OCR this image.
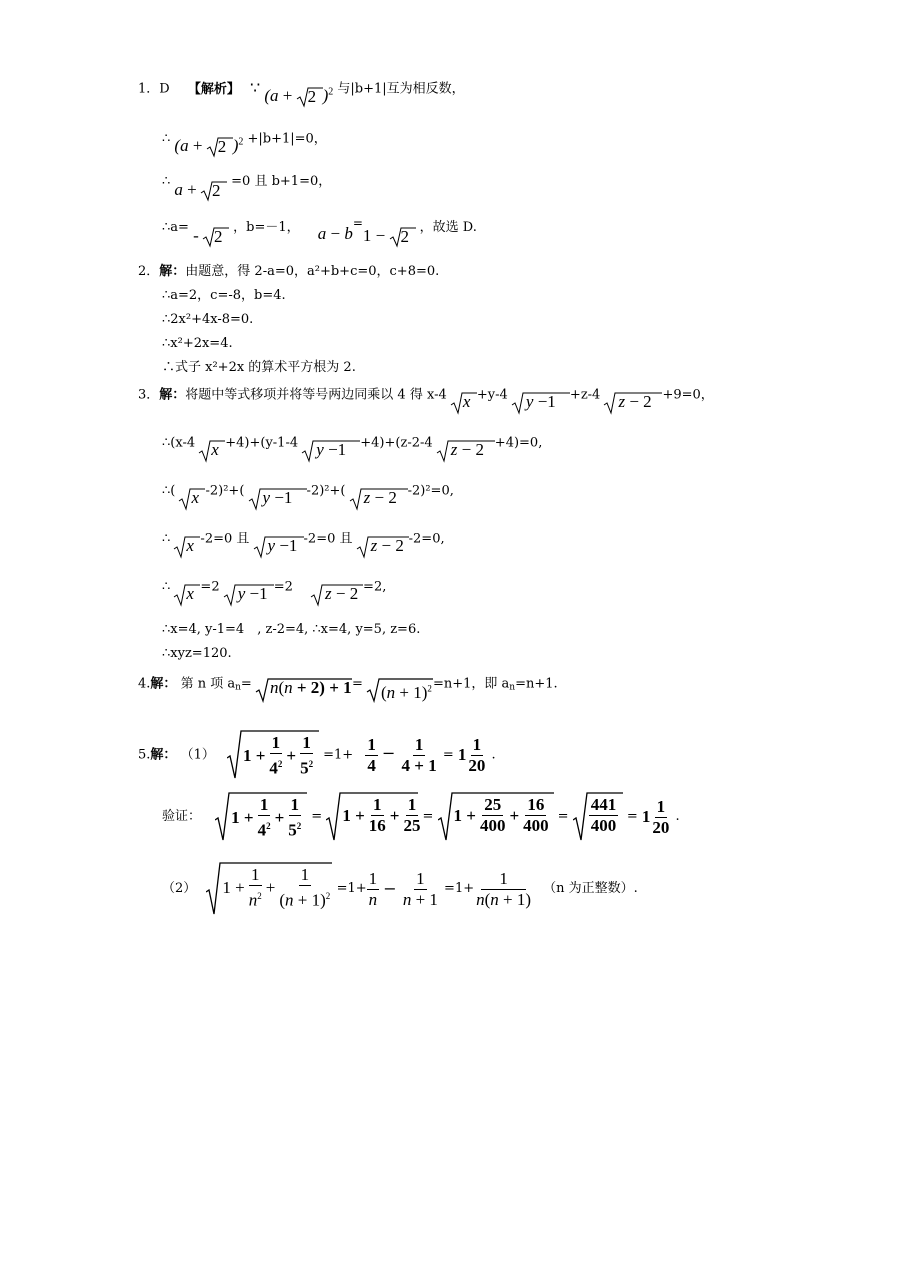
1．D 【解析】 ∵ (a + 2 )$^2$ 与|b+1|互为相反数，
∴ (a + 2 )$^2$ +|b+1|=0，
∴ a + 2 =0 且 b+1=0，
∴a= - 2 ，b=－1， a − b=1 −
2 ，故选 D.
2．解：由题意，得 2-a=0，a²+b+c=0，c+8=0.
∴a=2，c=-8，b=4.
∴2x²+4x-8=0.
∴x²+2x=4.
∴式子 x²+2x 的算术平方根为 2.
3．解：将题中等式移项并将等号两边同乘以 4 得 x-4 x +y-4 y −1 +z-4 z − 2 +9=0，
∴(x-4 x +4)+(y-1-4 y −1 +4)+(z-2-4 z − 2 +4)=0,
∴( x -2)²+( y −1 -2)²+( z − 2 -2)²=0,
∴ x -2=0 且 y −1 -2=0 且 z − 2 -2=0,
∴ x =2 y −1 =2 z − 2 =2,
∴x=4, y-1=4　, z-2=4, ∴x=4, y=5, z=6.
∴xyz=120.
4.解： 第 n 项 $a_n= n(n + 2) + 1= (n + 1)^2=n+1$，即 $a_n=n+1$.
5.解： （1） $1 + \frac{1}{4^2} + \frac{1}{5^2} =1+ \frac{1}{4} - \frac{1}{4 + 1} = 1 \frac{1}{20}$ .
验证： $1 + \frac{1}{4^2} + \frac{1}{5^2} = 1 + \frac{1}{16} + \frac{1}{25} = 1 + \frac{25}{400} + \frac{16}{400} = \frac{441}{400} = 1 \frac{1}{20}$ .
（2） $1 + \frac{1}{n^2} + \frac{1}{(n + 1)^2} =1+ \frac{1}{n} - \frac{1}{n + 1} =1+ \frac{1}{n(n + 1)} (n$ 为正整数）.
